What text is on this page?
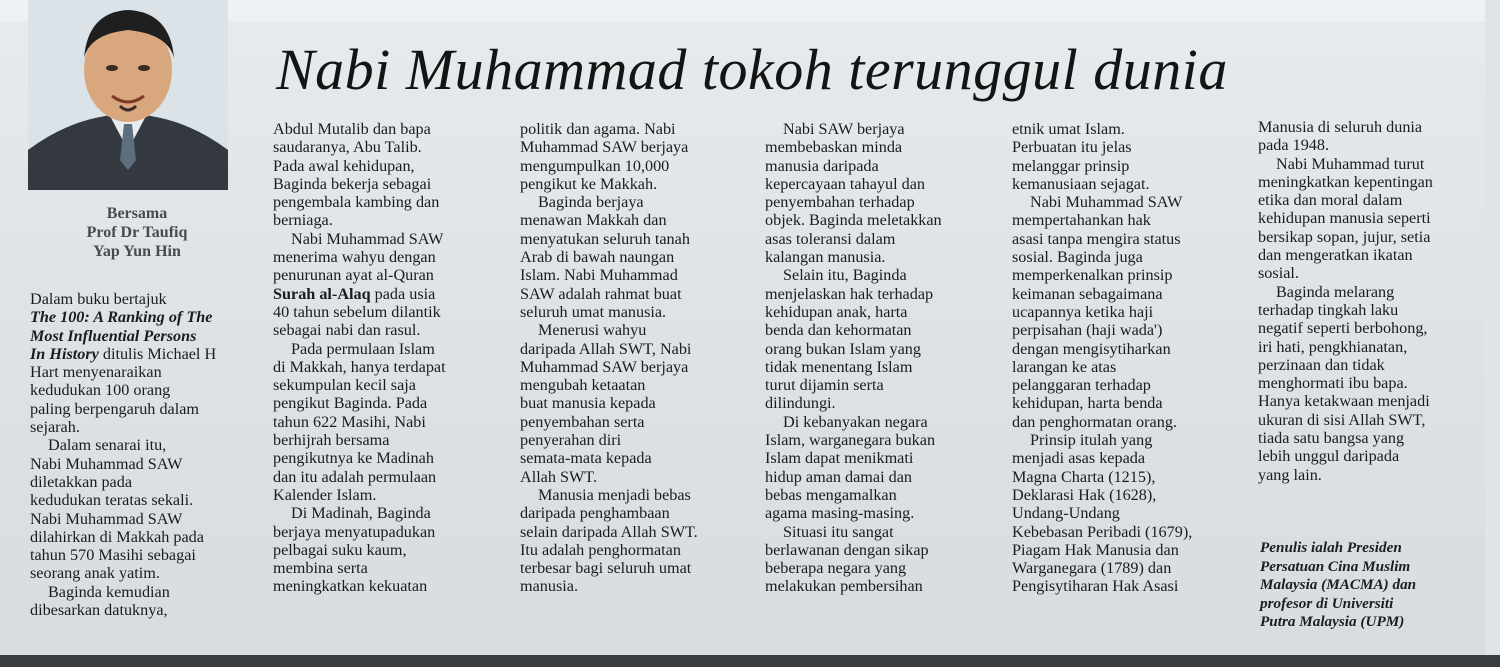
Bersama
Prof Dr Taufiq
Yap Yun Hin
Nabi Muhammad tokoh terunggul dunia
Dalam buku bertajuk
The 100: A Ranking of The
Most Influential Persons
In History ditulis Michael H
Hart menyenaraikan
kedudukan 100 orang
paling berpengaruh dalam
sejarah.
Dalam senarai itu,
Nabi Muhammad SAW
diletakkan pada
kedudukan teratas sekali.
Nabi Muhammad SAW
dilahirkan di Makkah pada
tahun 570 Masihi sebagai
seorang anak yatim.
Baginda kemudian
dibesarkan datuknya,
Abdul Mutalib dan bapa
saudaranya, Abu Talib.
Pada awal kehidupan,
Baginda bekerja sebagai
pengembala kambing dan
berniaga.
Nabi Muhammad SAW
menerima wahyu dengan
penurunan ayat al-Quran
Surah al-Alaq pada usia
40 tahun sebelum dilantik
sebagai nabi dan rasul.
Pada permulaan Islam
di Makkah, hanya terdapat
sekumpulan kecil saja
pengikut Baginda. Pada
tahun 622 Masihi, Nabi
berhijrah bersama
pengikutnya ke Madinah
dan itu adalah permulaan
Kalender Islam.
Di Madinah, Baginda
berjaya menyatupadukan
pelbagai suku kaum,
membina serta
meningkatkan kekuatan
politik dan agama. Nabi
Muhammad SAW berjaya
mengumpulkan 10,000
pengikut ke Makkah.
Baginda berjaya
menawan Makkah dan
menyatukan seluruh tanah
Arab di bawah naungan
Islam. Nabi Muhammad
SAW adalah rahmat buat
seluruh umat manusia.
Menerusi wahyu
daripada Allah SWT, Nabi
Muhammad SAW berjaya
mengubah ketaatan
buat manusia kepada
penyembahan serta
penyerahan diri
semata-mata kepada
Allah SWT.
Manusia menjadi bebas
daripada penghambaan
selain daripada Allah SWT.
Itu adalah penghormatan
terbesar bagi seluruh umat
manusia.
Nabi SAW berjaya
membebaskan minda
manusia daripada
kepercayaan tahayul dan
penyembahan terhadap
objek. Baginda meletakkan
asas toleransi dalam
kalangan manusia.
Selain itu, Baginda
menjelaskan hak terhadap
kehidupan anak, harta
benda dan kehormatan
orang bukan Islam yang
tidak menentang Islam
turut dijamin serta
dilindungi.
Di kebanyakan negara
Islam, warganegara bukan
Islam dapat menikmati
hidup aman damai dan
bebas mengamalkan
agama masing-masing.
Situasi itu sangat
berlawanan dengan sikap
beberapa negara yang
melakukan pembersihan
etnik umat Islam.
Perbuatan itu jelas
melanggar prinsip
kemanusiaan sejagat.
Nabi Muhammad SAW
mempertahankan hak
asasi tanpa mengira status
sosial. Baginda juga
memperkenalkan prinsip
keimanan sebagaimana
ucapannya ketika haji
perpisahan (haji wada')
dengan mengisytiharkan
larangan ke atas
pelanggaran terhadap
kehidupan, harta benda
dan penghormatan orang.
Prinsip itulah yang
menjadi asas kepada
Magna Charta (1215),
Deklarasi Hak (1628),
Undang-Undang
Kebebasan Peribadi (1679),
Piagam Hak Manusia dan
Warganegara (1789) dan
Pengisytiharan Hak Asasi
Manusia di seluruh dunia
pada 1948.
Nabi Muhammad turut
meningkatkan kepentingan
etika dan moral dalam
kehidupan manusia seperti
bersikap sopan, jujur, setia
dan mengeratkan ikatan
sosial.
Baginda melarang
terhadap tingkah laku
negatif seperti berbohong,
iri hati, pengkhianatan,
perzinaan dan tidak
menghormati ibu bapa.
Hanya ketakwaan menjadi
ukuran di sisi Allah SWT,
tiada satu bangsa yang
lebih unggul daripada
yang lain.
Penulis ialah Presiden
Persatuan Cina Muslim
Malaysia (MACMA) dan
profesor di Universiti
Putra Malaysia (UPM)
